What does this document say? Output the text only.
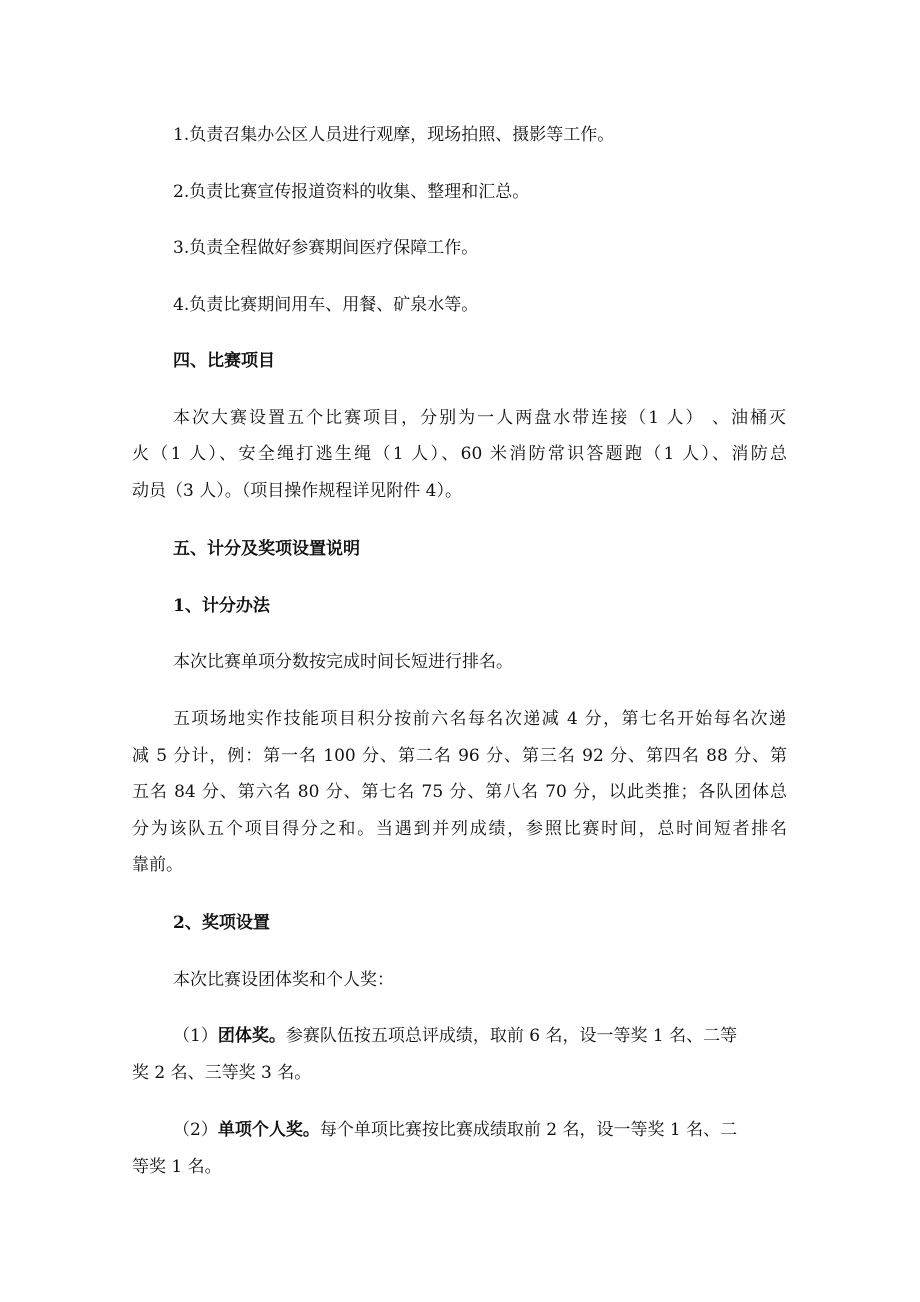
1.负责召集办公区人员进行观摩，现场拍照、摄影等工作。
2.负责比赛宣传报道资料的收集、整理和汇总。
3.负责全程做好参赛期间医疗保障工作。
4.负责比赛期间用车、用餐、矿泉水等。
四、比赛项目
本次大赛设置五个比赛项目，分别为一人两盘水带连接（1 人） 、油桶灭
火（1 人）、安全绳打逃生绳（1 人）、60 米消防常识答题跑（1 人）、消防总
动员（3 人）。（项目操作规程详见附件 4）。
五、计分及奖项设置说明
1、计分办法
本次比赛单项分数按完成时间长短进行排名。
五项场地实作技能项目积分按前六名每名次递减 4 分，第七名开始每名次递
减 5 分计，例：第一名 100 分、第二名 96 分、第三名 92 分、第四名 88 分、第
五名 84 分、第六名 80 分、第七名 75 分、第八名 70 分，以此类推；各队团体总
分为该队五个项目得分之和。当遇到并列成绩，参照比赛时间，总时间短者排名
靠前。
2、奖项设置
本次比赛设团体奖和个人奖：
（1）团体奖。参赛队伍按五项总评成绩，取前 6 名，设一等奖 1 名、二等
奖 2 名、三等奖 3 名。
（2）单项个人奖。每个单项比赛按比赛成绩取前 2 名，设一等奖 1 名、二
等奖 1 名。
